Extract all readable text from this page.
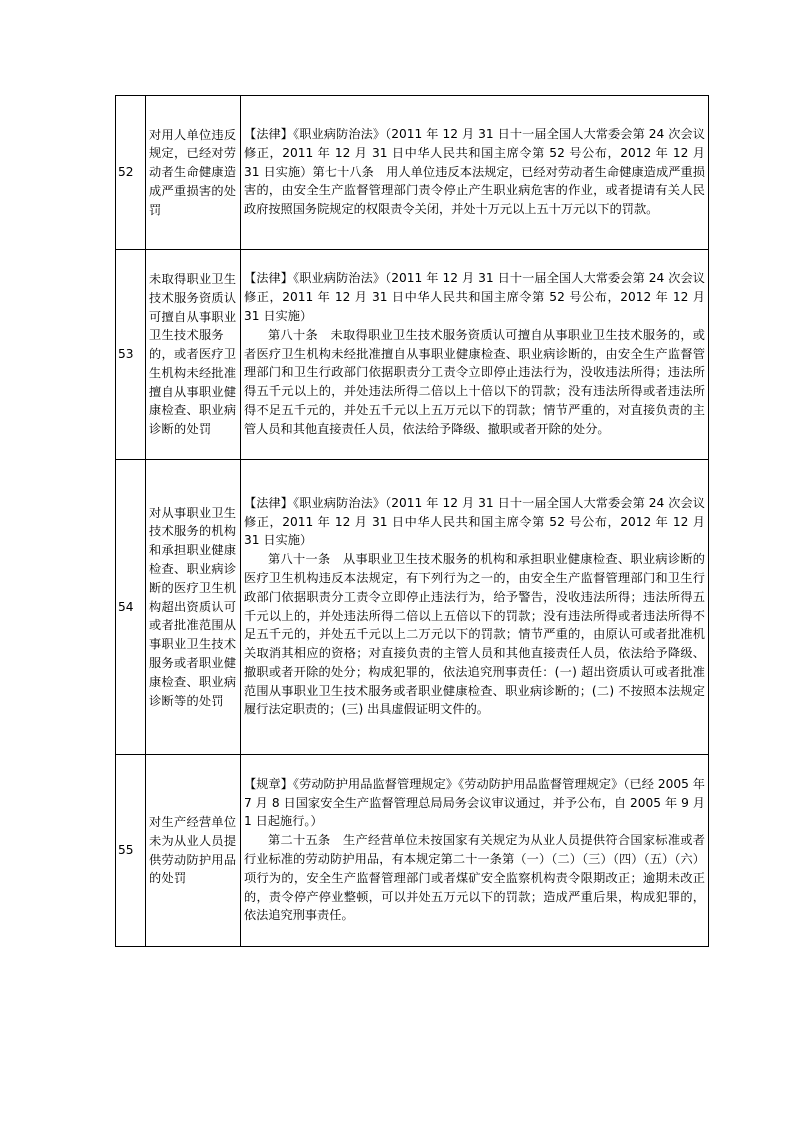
52	对用人单位违反规定，已经对劳动者生命健康造成严重损害的处罚	【法律】《职业病防治法》（2011 年 12 月 31 日十一届全国人大常委会第 24 次会议修正，2011 年 12 月 31 日中华人民共和国主席令第 52 号公布，2012 年 12 月 31 日实施）第七十八条　用人单位违反本法规定，已经对劳动者生命健康造成严重损害的，由安全生产监督管理部门责令停止产生职业病危害的作业，或者提请有关人民政府按照国务院规定的权限责令关闭，并处十万元以上五十万元以下的罚款。

53	未取得职业卫生技术服务资质认可擅自从事职业卫生技术服务的，或者医疗卫生机构未经批准擅自从事职业健康检查、职业病诊断的处罚	【法律】《职业病防治法》（2011 年 12 月 31 日十一届全国人大常委会第 24 次会议修正，2011 年 12 月 31 日中华人民共和国主席令第 52 号公布，2012 年 12 月 31 日实施）

第八十条　未取得职业卫生技术服务资质认可擅自从事职业卫生技术服务的，或者医疗卫生机构未经批准擅自从事职业健康检查、职业病诊断的，由安全生产监督管理部门和卫生行政部门依据职责分工责令立即停止违法行为，没收违法所得；违法所得五千元以上的，并处违法所得二倍以上十倍以下的罚款；没有违法所得或者违法所得不足五千元的，并处五千元以上五万元以下的罚款；情节严重的，对直接负责的主管人员和其他直接责任人员，依法给予降级、撤职或者开除的处分。

54	对从事职业卫生技术服务的机构和承担职业健康检查、职业病诊断的医疗卫生机构超出资质认可或者批准范围从事职业卫生技术服务或者职业健康检查、职业病诊断等的处罚	【法律】《职业病防治法》（2011 年 12 月 31 日十一届全国人大常委会第 24 次会议修正，2011 年 12 月 31 日中华人民共和国主席令第 52 号公布，2012 年 12 月 31 日实施）

第八十一条　从事职业卫生技术服务的机构和承担职业健康检查、职业病诊断的医疗卫生机构违反本法规定，有下列行为之一的，由安全生产监督管理部门和卫生行政部门依据职责分工责令立即停止违法行为，给予警告，没收违法所得；违法所得五千元以上的，并处违法所得二倍以上五倍以下的罚款；没有违法所得或者违法所得不足五千元的，并处五千元以上二万元以下的罚款；情节严重的，由原认可或者批准机关取消其相应的资格；对直接负责的主管人员和其他直接责任人员，依法给予降级、撤职或者开除的处分；构成犯罪的，依法追究刑事责任：(一) 超出资质认可或者批准范围从事职业卫生技术服务或者职业健康检查、职业病诊断的；(二) 不按照本法规定履行法定职责的；(三) 出具虚假证明文件的。

55	对生产经营单位未为从业人员提供劳动防护用品的处罚	【规章】《劳动防护用品监督管理规定》《劳动防护用品监督管理规定》（已经 2005 年 7 月 8 日国家安全生产监督管理总局局务会议审议通过，并予公布，自 2005 年 9 月 1 日起施行。）

第二十五条　生产经营单位未按国家有关规定为从业人员提供符合国家标准或者行业标准的劳动防护用品，有本规定第二十一条第（一）（二）（三）（四）（五）（六）项行为的，安全生产监督管理部门或者煤矿安全监察机构责令限期改正；逾期未改正的，责令停产停业整顿，可以并处五万元以下的罚款；造成严重后果，构成犯罪的，依法追究刑事责任。
